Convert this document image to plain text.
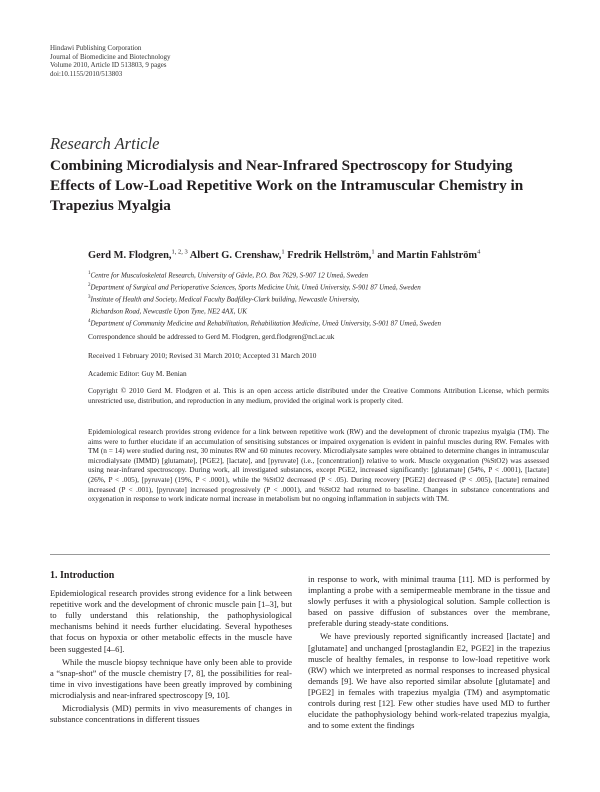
Hindawi Publishing Corporation
Journal of Biomedicine and Biotechnology
Volume 2010, Article ID 513803, 9 pages
doi:10.1155/2010/513803
Research Article
Combining Microdialysis and Near-Infrared Spectroscopy for Studying Effects of Low-Load Repetitive Work on the Intramuscular Chemistry in Trapezius Myalgia
Gerd M. Flodgren,$^{1, 2, 3}$ Albert G. Crenshaw,$^1$ Fredrik Hellström,$^1$ and Martin Fahlström$^4$
$^1$Centre for Musculoskeletal Research, University of Gävle, P.O. Box 7629, S-907 12 Umeå, Sweden
$^2$Department of Surgical and Perioperative Sciences, Sports Medicine Unit, Umeå University, S-901 87 Umeå, Sweden
$^3$Institute of Health and Society, Medical Faculty Badfdley-Clark building, Newcastle University,
Richardson Road, Newcastle Upon Tyne, NE2 4AX, UK
$^4$Department of Community Medicine and Rehabilitation, Rehabilitation Medicine, Umeå University, S-901 87 Umeå, Sweden
Correspondence should be addressed to Gerd M. Flodgren, gerd.flodgren@ncl.ac.uk
Received 1 February 2010; Revised 31 March 2010; Accepted 31 March 2010
Academic Editor: Guy M. Benian

Copyright © 2010 Gerd M. Flodgren et al. This is an open access article distributed under the Creative Commons Attribution License, which permits unrestricted use, distribution, and reproduction in any medium, provided the original work is properly cited.

Epidemiological research provides strong evidence for a link between repetitive work (RW) and the development of chronic trapezius myalgia (TM). The aims were to further elucidate if an accumulation of sensitising substances or impaired oxygenation is evident in painful muscles during RW. Females with TM (n = 14) were studied during rest, 30 minutes RW and 60 minutes recovery. Microdialysate samples were obtained to determine changes in intramuscular microdialysate (IMMD) [glutamate], [PGE2], [lactate], and [pyruvate] (i.e., [concentration]) relative to work. Muscle oxygenation (%StO2) was assessed using near-infrared spectroscopy. During work, all investigated substances, except PGE2, increased significantly: [glutamate] (54%, P < .0001), [lactate] (26%, P < .005), [pyruvate] (19%, P < .0001), while the %StO2 decreased (P < .05). During recovery [PGE2] decreased (P < .005), [lactate] remained increased (P < .001), [pyruvate] increased progressively (P < .0001), and %StO2 had returned to baseline. Changes in substance concentrations and oxygenation in response to work indicate normal increase in metabolism but no ongoing inflammation in subjects with TM.

1. Introduction

Epidemiological research provides strong evidence for a link between repetitive work and the development of chronic muscle pain [1–3], but to fully understand this relationship, the pathophysiological mechanisms behind it needs further elucidating. Several hypotheses that focus on hypoxia or other metabolic effects in the muscle have been suggested [4–6].

While the muscle biopsy technique have only been able to provide a “snap-shot” of the muscle chemistry [7, 8], the possibilities for real-time in vivo investigations have been greatly improved by combining microdialysis and near-infrared spectroscopy [9, 10].

Microdialysis (MD) permits in vivo measurements of changes in substance concentrations in different tissues

in response to work, with minimal trauma [11]. MD is performed by implanting a probe with a semipermeable membrane in the tissue and slowly perfuses it with a physiological solution. Sample collection is based on passive diffusion of substances over the membrane, preferable during steady-state conditions.

We have previously reported significantly increased [lactate] and [glutamate] and unchanged [prostaglandin E2, PGE2] in the trapezius muscle of healthy females, in response to low-load repetitive work (RW) which we interpreted as normal responses to increased physical demands [9]. We have also reported similar absolute [glutamate] and [PGE2] in females with trapezius myalgia (TM) and asymptomatic controls during rest [12]. Few other studies have used MD to further elucidate the pathophysiology behind work-related trapezius myalgia, and to some extent the findings
